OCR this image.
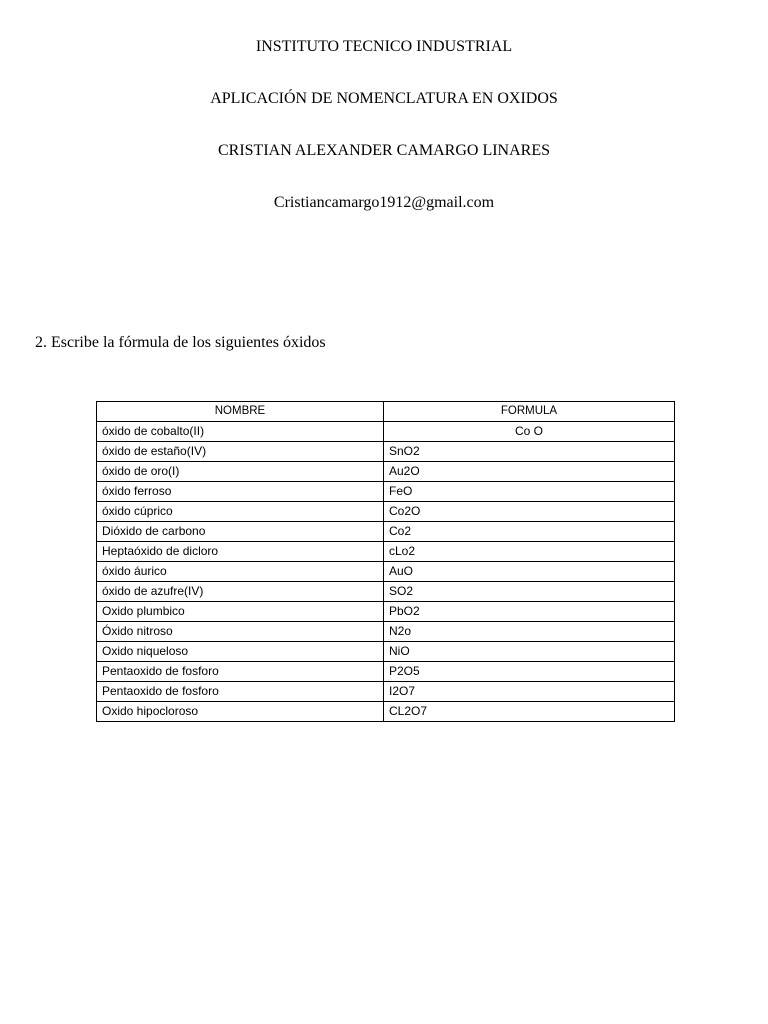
INSTITUTO TECNICO INDUSTRIAL
APLICACIÓN DE NOMENCLATURA EN OXIDOS
CRISTIAN ALEXANDER CAMARGO LINARES
Cristiancamargo1912@gmail.com
2. Escribe la fórmula de los siguientes óxidos
NOMBRE	FORMULA
óxido de cobalto(II)	Co O
óxido de estaño(IV)	SnO2
óxido de oro(I)	Au2O
óxido ferroso	FeO
óxido cúprico	Co2O
Dióxido de carbono	Co2
Heptaóxido de dicloro	cLo2
óxido áurico	AuO
óxido de azufre(IV)	SO2
Oxido plumbico	PbO2
Óxido nitroso	N2o
Oxido niqueloso	NiO
Pentaoxido de fosforo	P2O5
Pentaoxido de fosforo	I2O7
Oxido hipocloroso	CL2O7
